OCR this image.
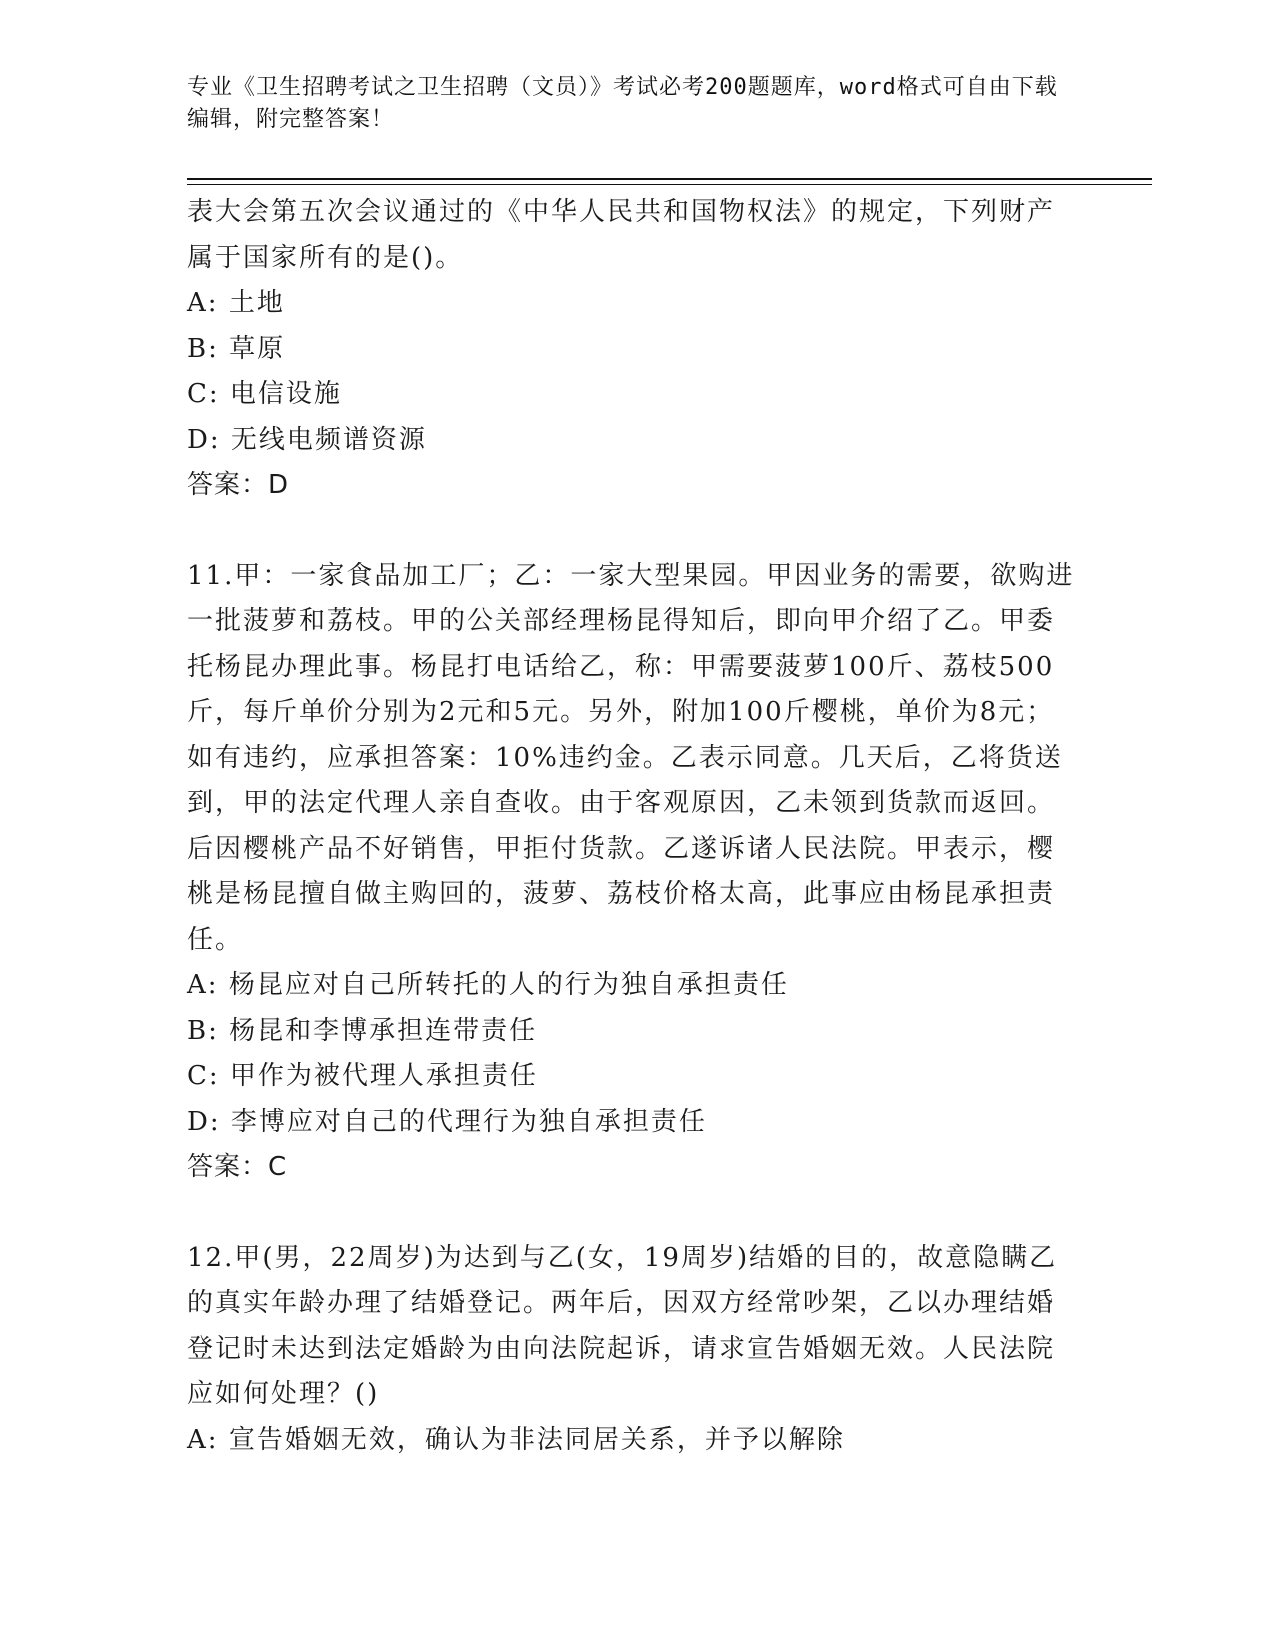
专业《卫生招聘考试之卫生招聘（文员）》考试必考200题题库，word格式可自由下载编辑，附完整答案！

表大会第五次会议通过的《中华人民共和国物权法》的规定，下列财产属于国家所有的是()。

A: 土地

B: 草原

C: 电信设施

D: 无线电频谱资源

答案：D

11.甲：一家食品加工厂；乙：一家大型果园。甲因业务的需要，欲购进一批菠萝和荔枝。甲的公关部经理杨昆得知后，即向甲介绍了乙。甲委托杨昆办理此事。杨昆打电话给乙，称：甲需要菠萝100斤、荔枝500斤，每斤单价分别为2元和5元。另外，附加100斤樱桃，单价为8元；如有违约，应承担答案：10%违约金。乙表示同意。几天后，乙将货送到，甲的法定代理人亲自查收。由于客观原因，乙未领到货款而返回。后因樱桃产品不好销售，甲拒付货款。乙遂诉诸人民法院。甲表示，樱桃是杨昆擅自做主购回的，菠萝、荔枝价格太高，此事应由杨昆承担责任。

A: 杨昆应对自己所转托的人的行为独自承担责任

B: 杨昆和李博承担连带责任

C: 甲作为被代理人承担责任

D: 李博应对自己的代理行为独自承担责任

答案：C

12.甲(男，22周岁)为达到与乙(女，19周岁)结婚的目的，故意隐瞒乙的真实年龄办理了结婚登记。两年后，因双方经常吵架，乙以办理结婚登记时未达到法定婚龄为由向法院起诉，请求宣告婚姻无效。人民法院应如何处理？()

A: 宣告婚姻无效，确认为非法同居关系，并予以解除
